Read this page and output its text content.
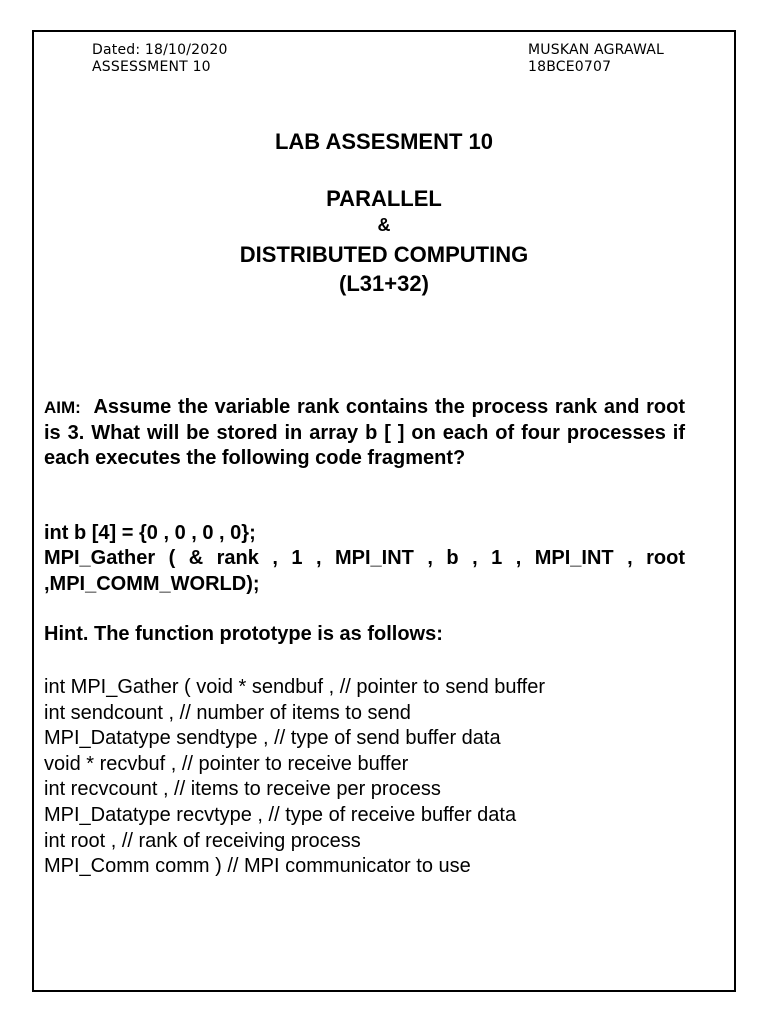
Dated: 18/10/2020
ASSESSMENT 10
MUSKAN AGRAWAL
18BCE0707
LAB ASSESMENT 10
PARALLEL
&
DISTRIBUTED COMPUTING
(L31+32)
AIM: Assume the variable rank contains the process rank and root is 3. What will be stored in array b [ ] on each of four processes if each executes the following code fragment?
int b [4] = {0 , 0 , 0 , 0};
MPI_Gather ( & rank , 1 , MPI_INT , b , 1 , MPI_INT , root
,MPI_COMM_WORLD);
Hint. The function prototype is as follows:
int MPI_Gather ( void * sendbuf , // pointer to send buffer
int sendcount , // number of items to send
MPI_Datatype sendtype , // type of send buffer data
void * recvbuf , // pointer to receive buffer
int recvcount , // items to receive per process
MPI_Datatype recvtype , // type of receive buffer data
int root , // rank of receiving process
MPI_Comm comm ) // MPI communicator to use
